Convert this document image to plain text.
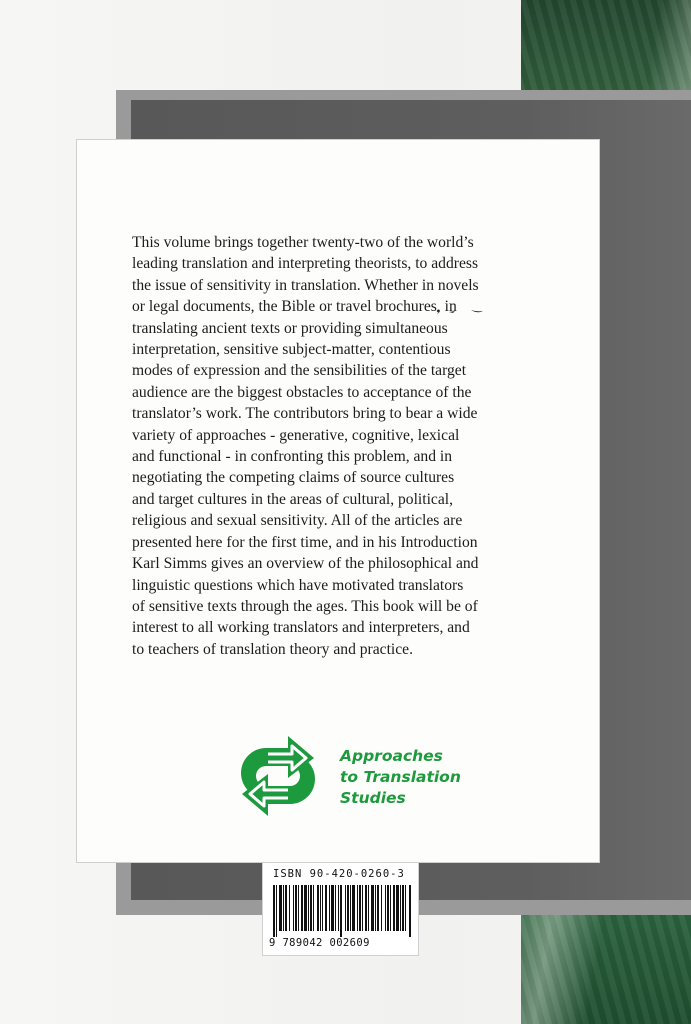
This volume brings together twenty-two of the world’s
leading translation and interpreting theorists, to address
the issue of sensitivity in translation. Whether in novels
or legal documents, the Bible or travel brochures, in
translating ancient texts or providing simultaneous
interpretation, sensitive subject-matter, contentious
modes of expression and the sensibilities of the target
audience are the biggest obstacles to acceptance of the
translator’s work. The contributors bring to bear a wide
variety of approaches - generative, cognitive, lexical
and functional - in confronting this problem, and in
negotiating the competing claims of source cultures
and target cultures in the areas of cultural, political,
religious and sexual sensitivity. All of the articles are
presented here for the first time, and in his Introduction
Karl Simms gives an overview of the philosophical and
linguistic questions which have motivated translators
of sensitive texts through the ages. This book will be of
interest to all working translators and interpreters, and
to teachers of translation theory and practice.

Approaches
to Translation
Studies
ISBN 90-420-0260-3
9 789042 002609
